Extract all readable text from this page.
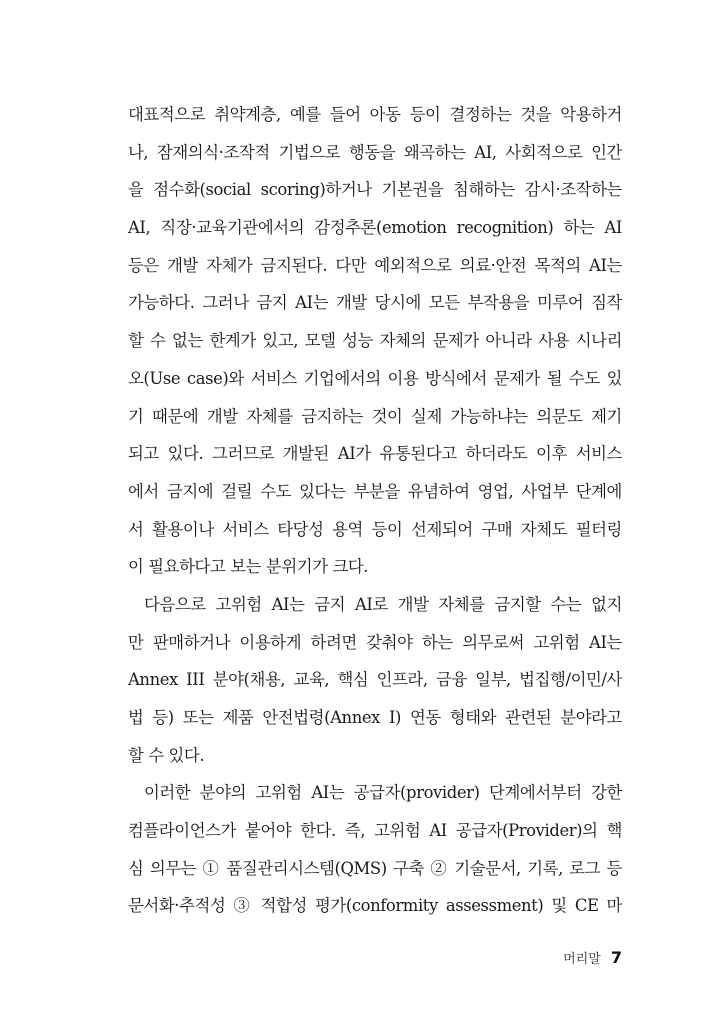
대표적으로 취약계층, 예를 들어 아동 등이 결정하는 것을 악용하거
나, 잠재의식·조작적 기법으로 행동을 왜곡하는 AI, 사회적으로 인간
을 점수화(social scoring)하거나 기본권을 침해하는 감시·조작하는
AI, 직장·교육기관에서의 감정추론(emotion recognition) 하는 AI
등은 개발 자체가 금지된다. 다만 예외적으로 의료·안전 목적의 AI는
가능하다. 그러나 금지 AI는 개발 당시에 모든 부작용을 미루어 짐작
할 수 없는 한계가 있고, 모델 성능 자체의 문제가 아니라 사용 시나리
오(Use case)와 서비스 기업에서의 이용 방식에서 문제가 될 수도 있
기 때문에 개발 자체를 금지하는 것이 실제 가능하냐는 의문도 제기
되고 있다. 그러므로 개발된 AI가 유통된다고 하더라도 이후 서비스
에서 금지에 걸릴 수도 있다는 부분을 유념하여 영업, 사업부 단계에
서 활용이나 서비스 타당성 용역 등이 선제되어 구매 자체도 필터링
이 필요하다고 보는 분위기가 크다.
다음으로 고위험 AI는 금지 AI로 개발 자체를 금지할 수는 없지
만 판매하거나 이용하게 하려면 갖춰야 하는 의무로써 고위험 AI는
Annex III 분야(채용, 교육, 핵심 인프라, 금융 일부, 법집행/이민/사
법 등) 또는 제품 안전법령(Annex I) 연동 형태와 관련된 분야라고
할 수 있다.
이러한 분야의 고위험 AI는 공급자(provider) 단계에서부터 강한
컴플라이언스가 붙어야 한다. 즉, 고위험 AI 공급자(Provider)의 핵
심 의무는 ① 품질관리시스템(QMS) 구축 ② 기술문서, 기록, 로그 등
문서화·추적성 ③ 적합성 평가(conformity assessment) 및 CE 마
머리말 7
